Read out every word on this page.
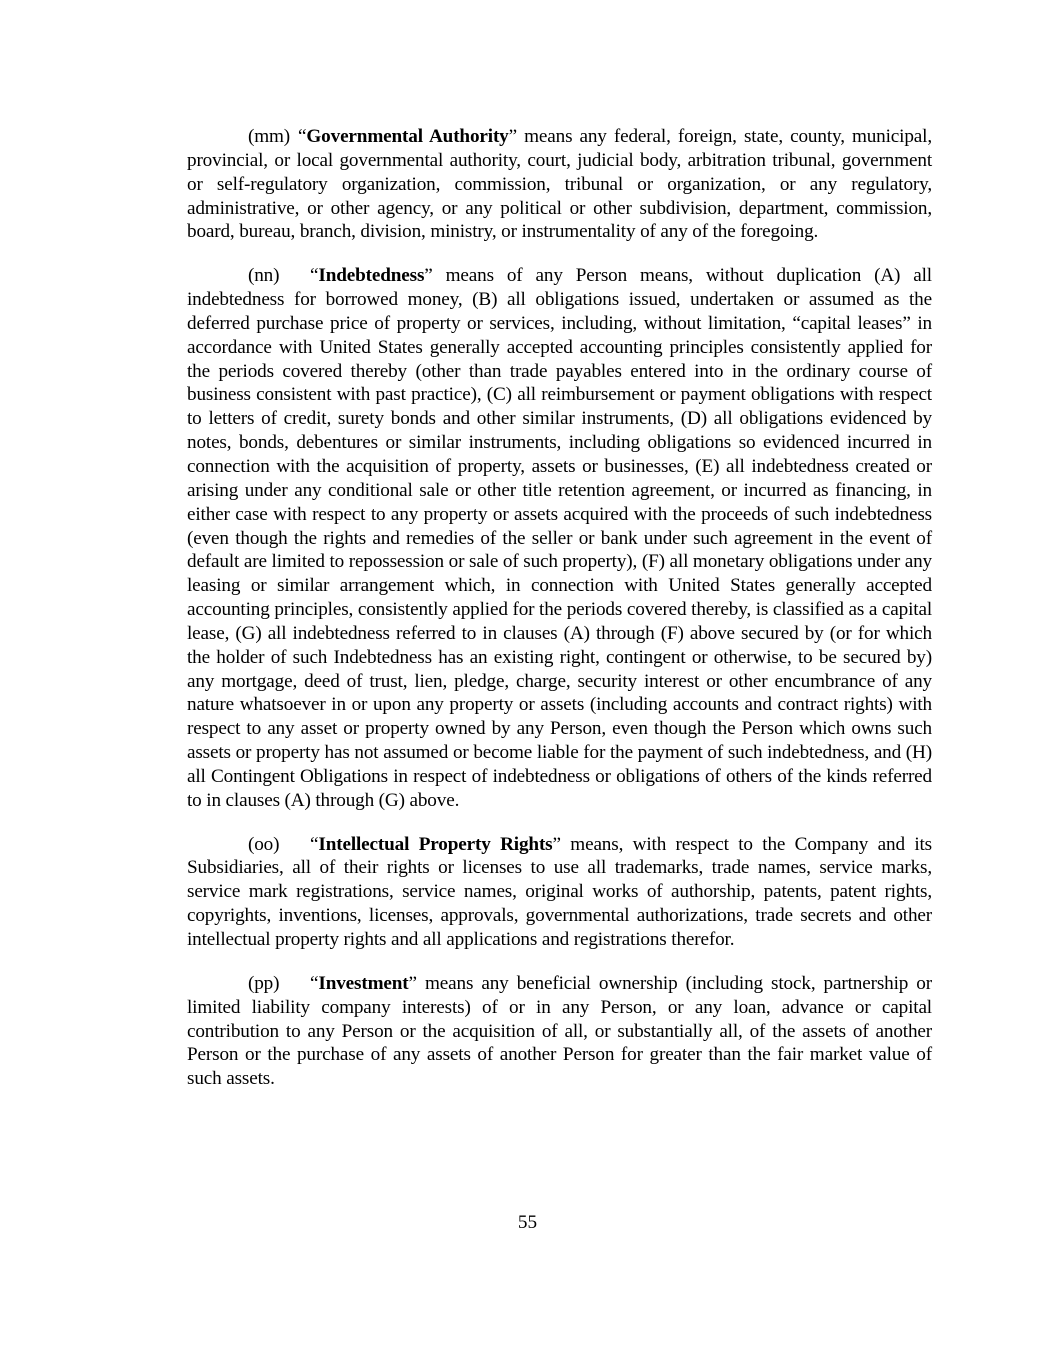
(mm) “Governmental Authority” means any federal, foreign, state, county, municipal, provincial, or local governmental authority, court, judicial body, arbitration tribunal, government or self-regulatory organization, commission, tribunal or organization, or any regulatory, administrative, or other agency, or any political or other subdivision, department, commission, board, bureau, branch, division, ministry, or instrumentality of any of the foregoing.

(nn) “Indebtedness” means of any Person means, without duplication (A) all indebtedness for borrowed money, (B) all obligations issued, undertaken or assumed as the deferred purchase price of property or services, including, without limitation, “capital leases” in accordance with United States generally accepted accounting principles consistently applied for the periods covered thereby (other than trade payables entered into in the ordinary course of business consistent with past practice), (C) all reimbursement or payment obligations with respect to letters of credit, surety bonds and other similar instruments, (D) all obligations evidenced by notes, bonds, debentures or similar instruments, including obligations so evidenced incurred in connection with the acquisition of property, assets or businesses, (E) all indebtedness created or arising under any conditional sale or other title retention agreement, or incurred as financing, in either case with respect to any property or assets acquired with the proceeds of such indebtedness (even though the rights and remedies of the seller or bank under such agreement in the event of default are limited to repossession or sale of such property), (F) all monetary obligations under any leasing or similar arrangement which, in connection with United States generally accepted accounting principles, consistently applied for the periods covered thereby, is classified as a capital lease, (G) all indebtedness referred to in clauses (A) through (F) above secured by (or for which the holder of such Indebtedness has an existing right, contingent or otherwise, to be secured by) any mortgage, deed of trust, lien, pledge, charge, security interest or other encumbrance of any nature whatsoever in or upon any property or assets (including accounts and contract rights) with respect to any asset or property owned by any Person, even though the Person which owns such assets or property has not assumed or become liable for the payment of such indebtedness, and (H) all Contingent Obligations in respect of indebtedness or obligations of others of the kinds referred to in clauses (A) through (G) above.

(oo) “Intellectual Property Rights” means, with respect to the Company and its Subsidiaries, all of their rights or licenses to use all trademarks, trade names, service marks, service mark registrations, service names, original works of authorship, patents, patent rights, copyrights, inventions, licenses, approvals, governmental authorizations, trade secrets and other intellectual property rights and all applications and registrations therefor.

(pp) “Investment” means any beneficial ownership (including stock, partnership or limited liability company interests) of or in any Person, or any loan, advance or capital contribution to any Person or the acquisition of all, or substantially all, of the assets of another Person or the purchase of any assets of another Person for greater than the fair market value of such assets.

55
